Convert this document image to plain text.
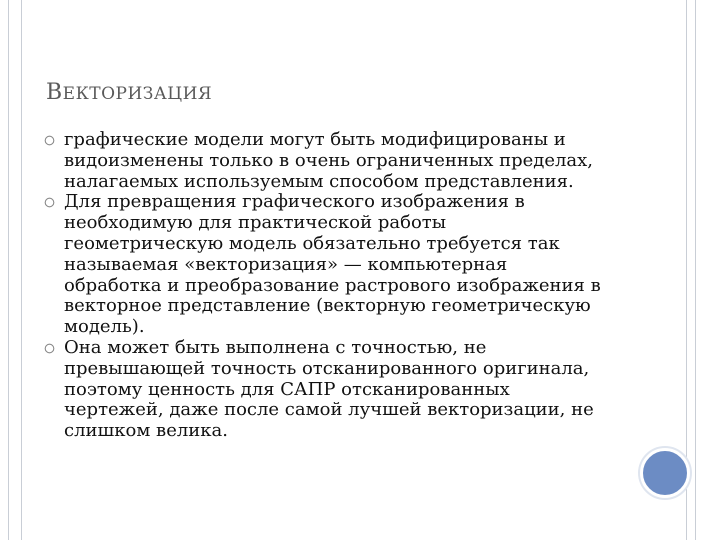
ВЕКТОРИЗАЦИЯ
графические модели могут быть модифицированы и видоизменены только в очень ограниченных пределах, налагаемых используемым способом представления.
Для превращения графического изображения в необходимую для практической работы геометрическую модель обязательно требуется так называемая «векторизация» — компьютерная обработка и преобразование растрового изображения в векторное представление (векторную геометрическую модель).
Она может быть выполнена с точностью, не превышающей точность отсканированного оригинала, поэтому ценность для САПР отсканированных чертежей, даже после самой лучшей векторизации, не слишком велика.
